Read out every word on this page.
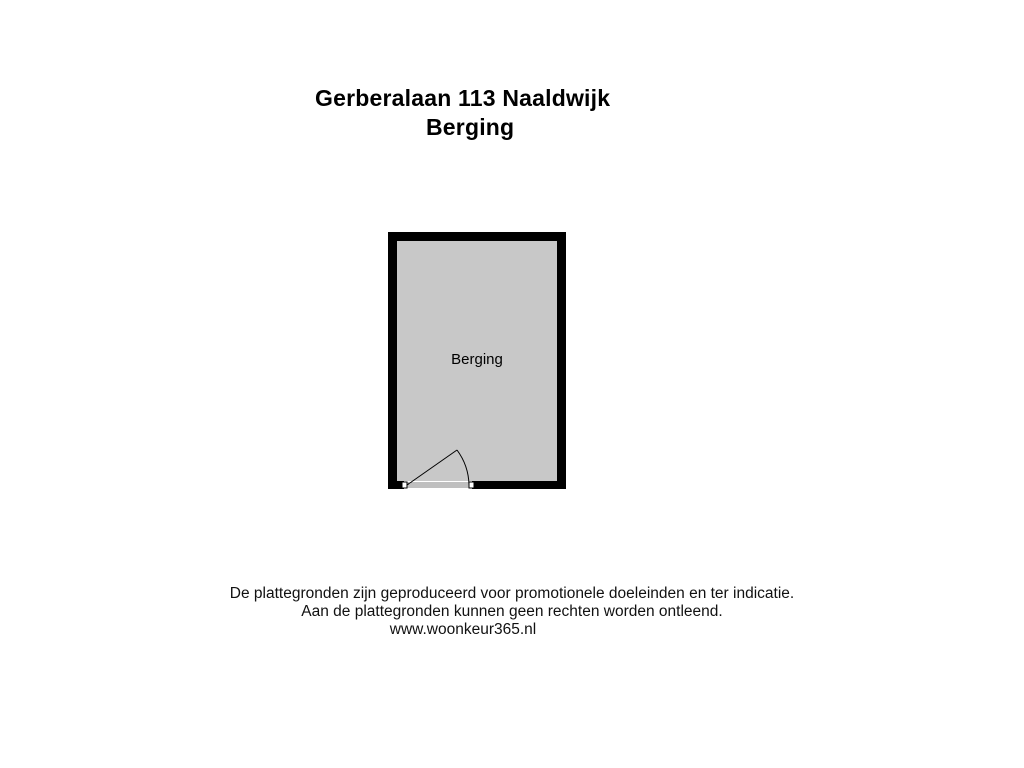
Gerberalaan 113 Naaldwijk

Berging

Berging

De plattegronden zijn geproduceerd voor promotionele doeleinden en ter indicatie.

Aan de plattegronden kunnen geen rechten worden ontleend.

www.woonkeur365.nl
